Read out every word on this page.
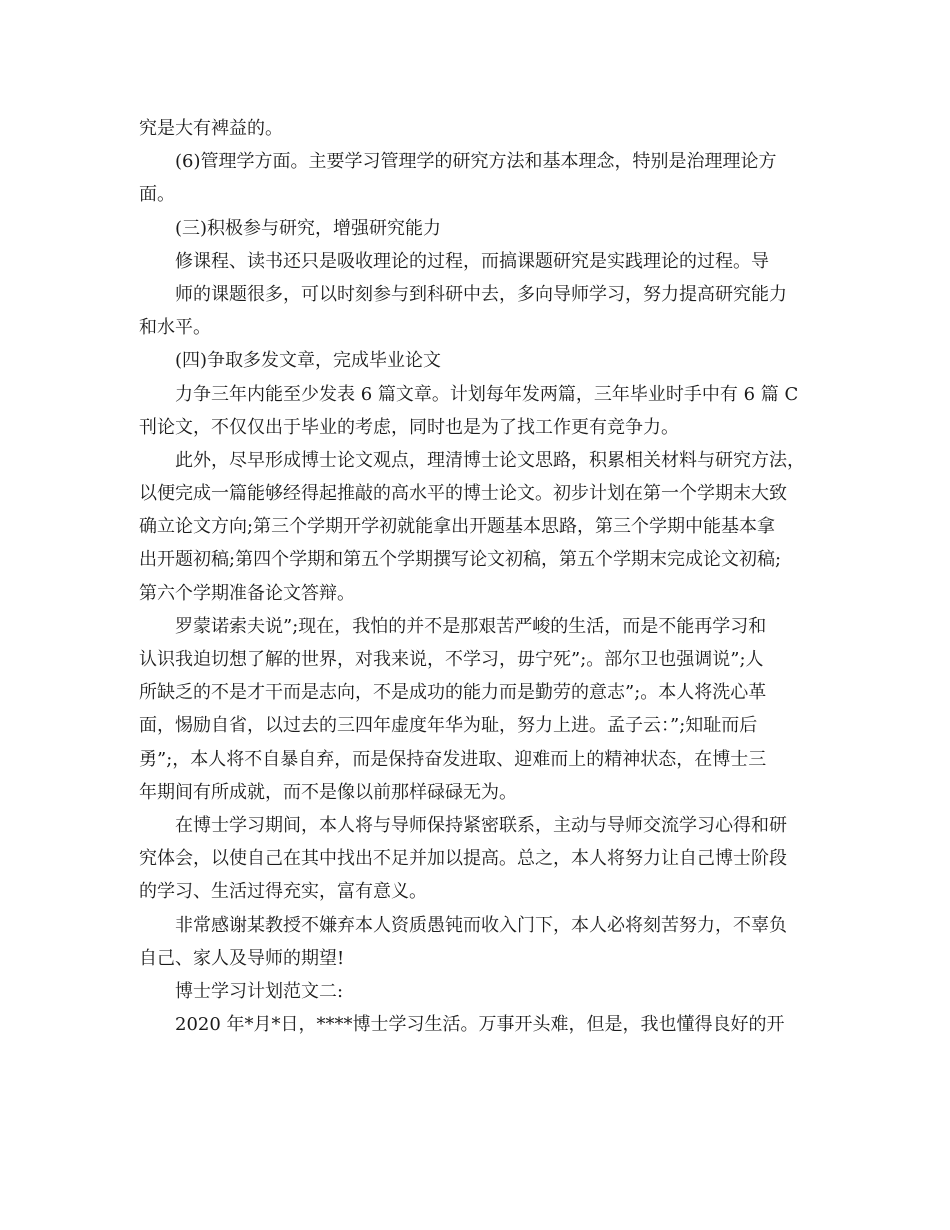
究是大有裨益的。
(6)管理学方面。主要学习管理学的研究方法和基本理念，特别是治理理论方
面。
(三)积极参与研究，增强研究能力
修课程、读书还只是吸收理论的过程，而搞课题研究是实践理论的过程。导
师的课题很多，可以时刻参与到科研中去，多向导师学习，努力提高研究能力
和水平。
(四)争取多发文章，完成毕业论文
力争三年内能至少发表 6 篇文章。计划每年发两篇，三年毕业时手中有 6 篇 C
刊论文，不仅仅出于毕业的考虑，同时也是为了找工作更有竞争力。
此外，尽早形成博士论文观点，理清博士论文思路，积累相关材料与研究方法，
以便完成一篇能够经得起推敲的高水平的博士论文。初步计划在第一个学期末大致
确立论文方向;第三个学期开学初就能拿出开题基本思路，第三个学期中能基本拿
出开题初稿;第四个学期和第五个学期撰写论文初稿，第五个学期末完成论文初稿;
第六个学期准备论文答辩。
罗蒙诺索夫说”;现在，我怕的并不是那艰苦严峻的生活，而是不能再学习和
认识我迫切想了解的世界，对我来说，不学习，毋宁死”;。部尔卫也强调说”;人
所缺乏的不是才干而是志向，不是成功的能力而是勤劳的意志”;。本人将洗心革
面，惕励自省，以过去的三四年虚度年华为耻，努力上进。孟子云：”;知耻而后
勇”;，本人将不自暴自弃，而是保持奋发进取、迎难而上的精神状态，在博士三
年期间有所成就，而不是像以前那样碌碌无为。
在博士学习期间，本人将与导师保持紧密联系，主动与导师交流学习心得和研
究体会，以使自己在其中找出不足并加以提高。总之，本人将努力让自己博士阶段
的学习、生活过得充实，富有意义。
非常感谢某教授不嫌弃本人资质愚钝而收入门下，本人必将刻苦努力，不辜负
自己、家人及导师的期望!
博士学习计划范文二:
2020 年*月*日，****博士学习生活。万事开头难，但是，我也懂得良好的开
